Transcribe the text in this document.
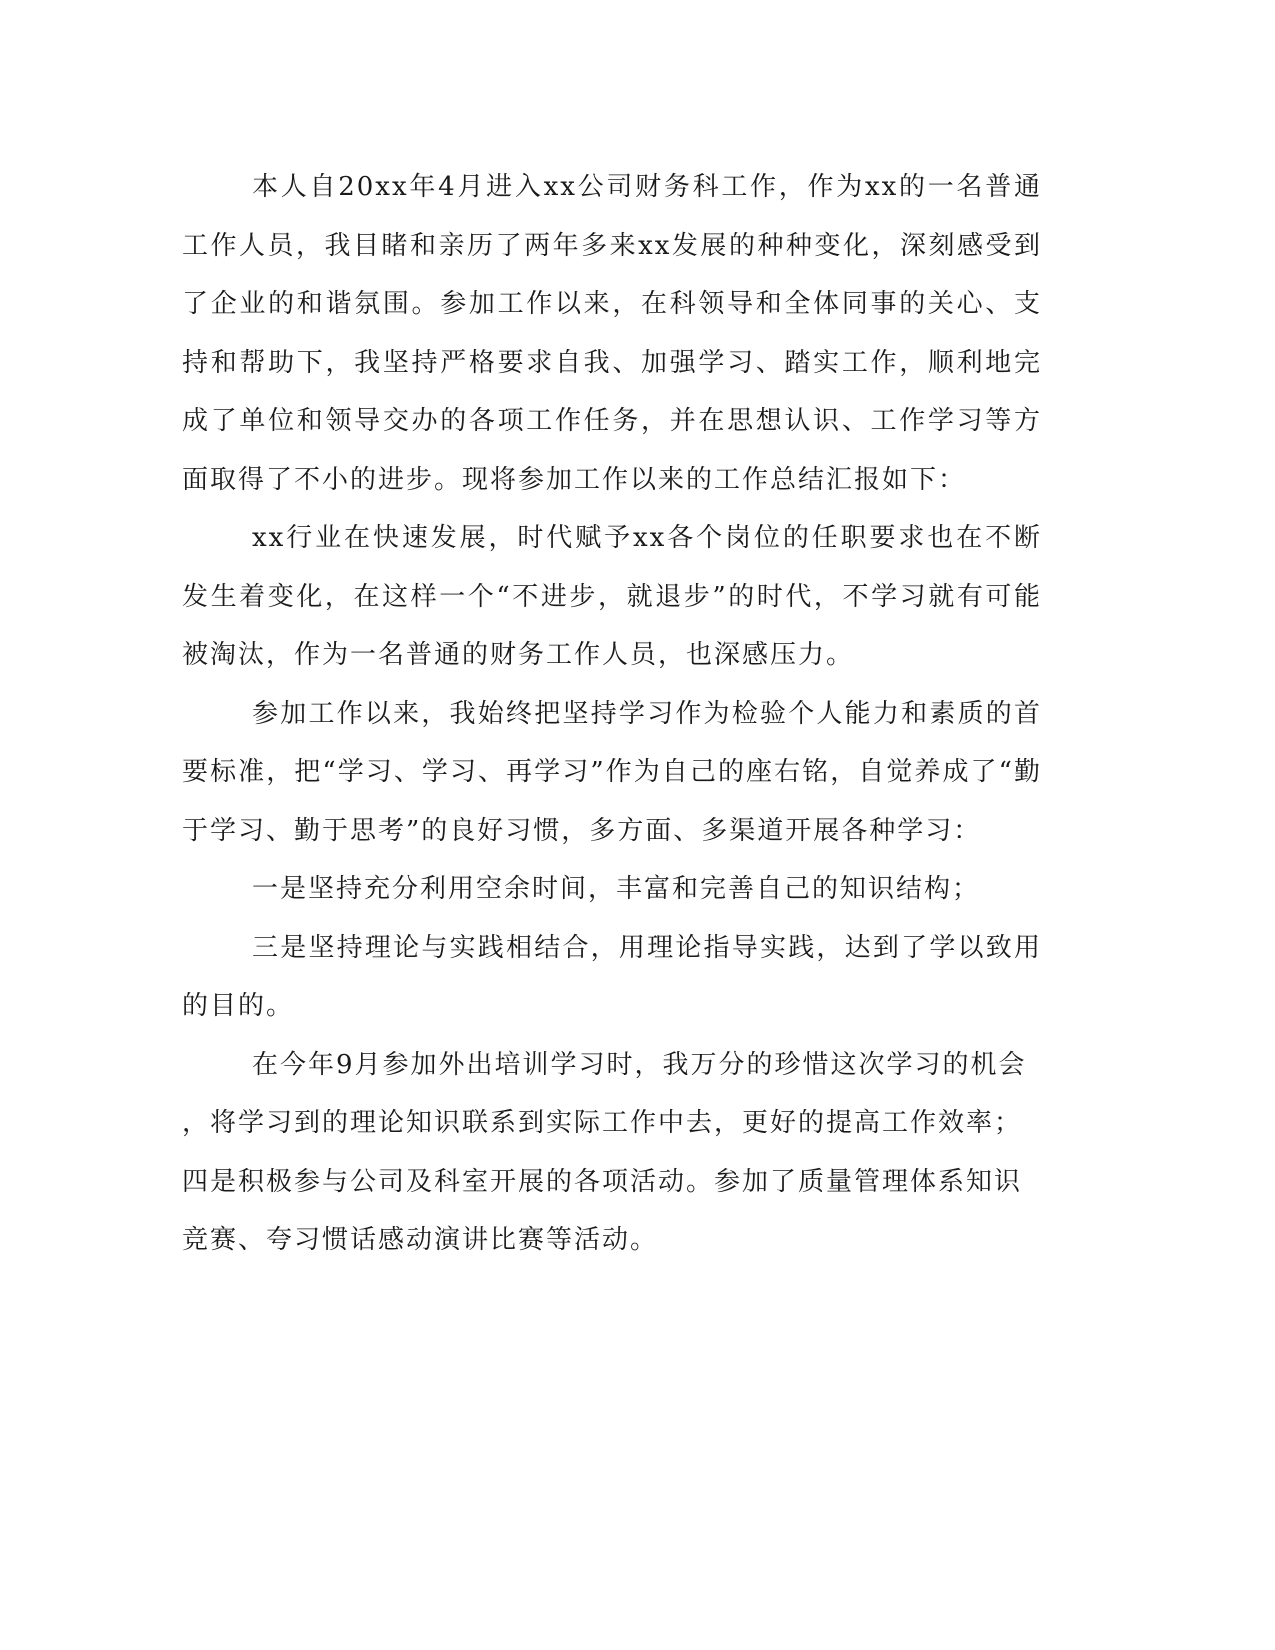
本人自20xx年4月进入xx公司财务科工作，作为xx的一名普通工作人员，我目睹和亲历了两年多来xx发展的种种变化，深刻感受到了企业的和谐氛围。参加工作以来，在科领导和全体同事的关心、支持和帮助下，我坚持严格要求自我、加强学习、踏实工作，顺利地完成了单位和领导交办的各项工作任务，并在思想认识、工作学习等方面取得了不小的进步。现将参加工作以来的工作总结汇报如下：

xx行业在快速发展，时代赋予xx各个岗位的任职要求也在不断发生着变化，在这样一个“不进步，就退步”的时代，不学习就有可能被淘汰，作为一名普通的财务工作人员，也深感压力。

参加工作以来，我始终把坚持学习作为检验个人能力和素质的首要标准，把“学习、学习、再学习”作为自己的座右铭，自觉养成了“勤于学习、勤于思考”的良好习惯，多方面、多渠道开展各种学习：

一是坚持充分利用空余时间，丰富和完善自己的知识结构；

三是坚持理论与实践相结合，用理论指导实践，达到了学以致用的目的。

在今年9月参加外出培训学习时，我万分的珍惜这次学习的机会

，将学习到的理论知识联系到实际工作中去，更好的提高工作效率；

四是积极参与公司及科室开展的各项活动。参加了质量管理体系知识

竞赛、夸习惯话感动演讲比赛等活动。
